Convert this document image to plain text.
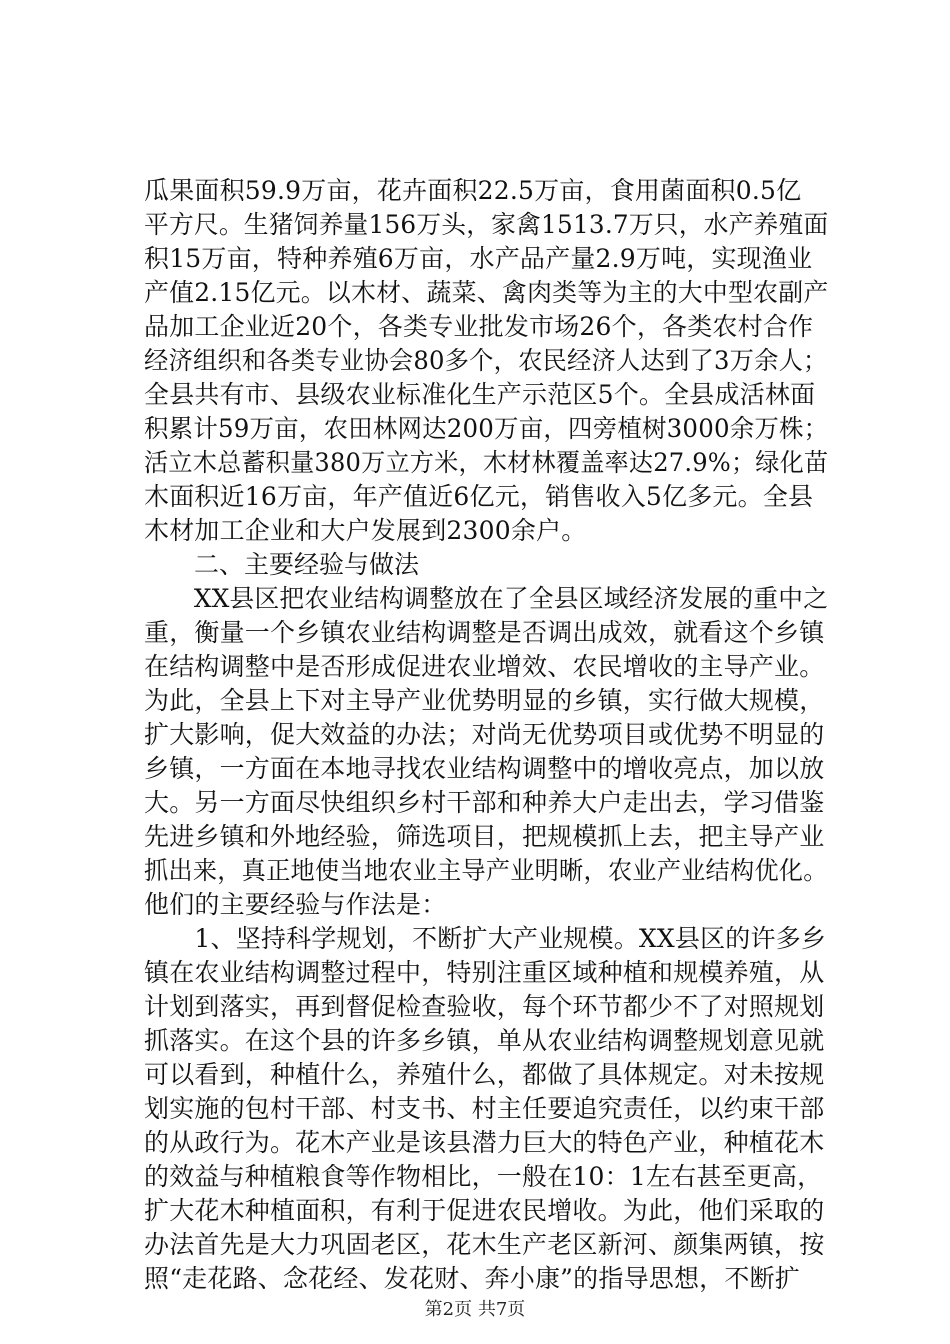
瓜果面积59.9万亩，花卉面积22.5万亩，食用菌面积0.5亿
平方尺。生猪饲养量156万头，家禽1513.7万只，水产养殖面
积15万亩，特种养殖6万亩，水产品产量2.9万吨，实现渔业
产值2.15亿元。以木材、蔬菜、禽肉类等为主的大中型农副产
品加工企业近20个，各类专业批发市场26个，各类农村合作
经济组织和各类专业协会80多个，农民经济人达到了3万余人；
全县共有市、县级农业标准化生产示范区5个。全县成活林面
积累计59万亩，农田林网达200万亩，四旁植树3000余万株；
活立木总蓄积量380万立方米，木材林覆盖率达27.9%；绿化苗
木面积近16万亩，年产值近6亿元，销售收入5亿多元。全县
木材加工企业和大户发展到2300余户。
二、主要经验与做法
　　XX县区把农业结构调整放在了全县区域经济发展的重中之
重，衡量一个乡镇农业结构调整是否调出成效，就看这个乡镇
在结构调整中是否形成促进农业增效、农民增收的主导产业。
为此，全县上下对主导产业优势明显的乡镇，实行做大规模，
扩大影响，促大效益的办法；对尚无优势项目或优势不明显的
乡镇，一方面在本地寻找农业结构调整中的增收亮点，加以放
大。另一方面尽快组织乡村干部和种养大户走出去，学习借鉴
先进乡镇和外地经验，筛选项目，把规模抓上去，把主导产业
抓出来，真正地使当地农业主导产业明晰，农业产业结构优化。
他们的主要经验与作法是：
　　1、坚持科学规划，不断扩大产业规模。XX县区的许多乡
镇在农业结构调整过程中，特别注重区域种植和规模养殖，从
计划到落实，再到督促检查验收，每个环节都少不了对照规划
抓落实。在这个县的许多乡镇，单从农业结构调整规划意见就
可以看到，种植什么，养殖什么，都做了具体规定。对未按规
划实施的包村干部、村支书、村主任要追究责任，以约束干部
的从政行为。花木产业是该县潜力巨大的特色产业，种植花木
的效益与种植粮食等作物相比，一般在10：1左右甚至更高，
扩大花木种植面积，有利于促进农民增收。为此，他们采取的
办法首先是大力巩固老区，花木生产老区新河、颜集两镇，按
照“走花路、念花经、发花财、奔小康”的指导思想，不断扩
第2页 共7页
